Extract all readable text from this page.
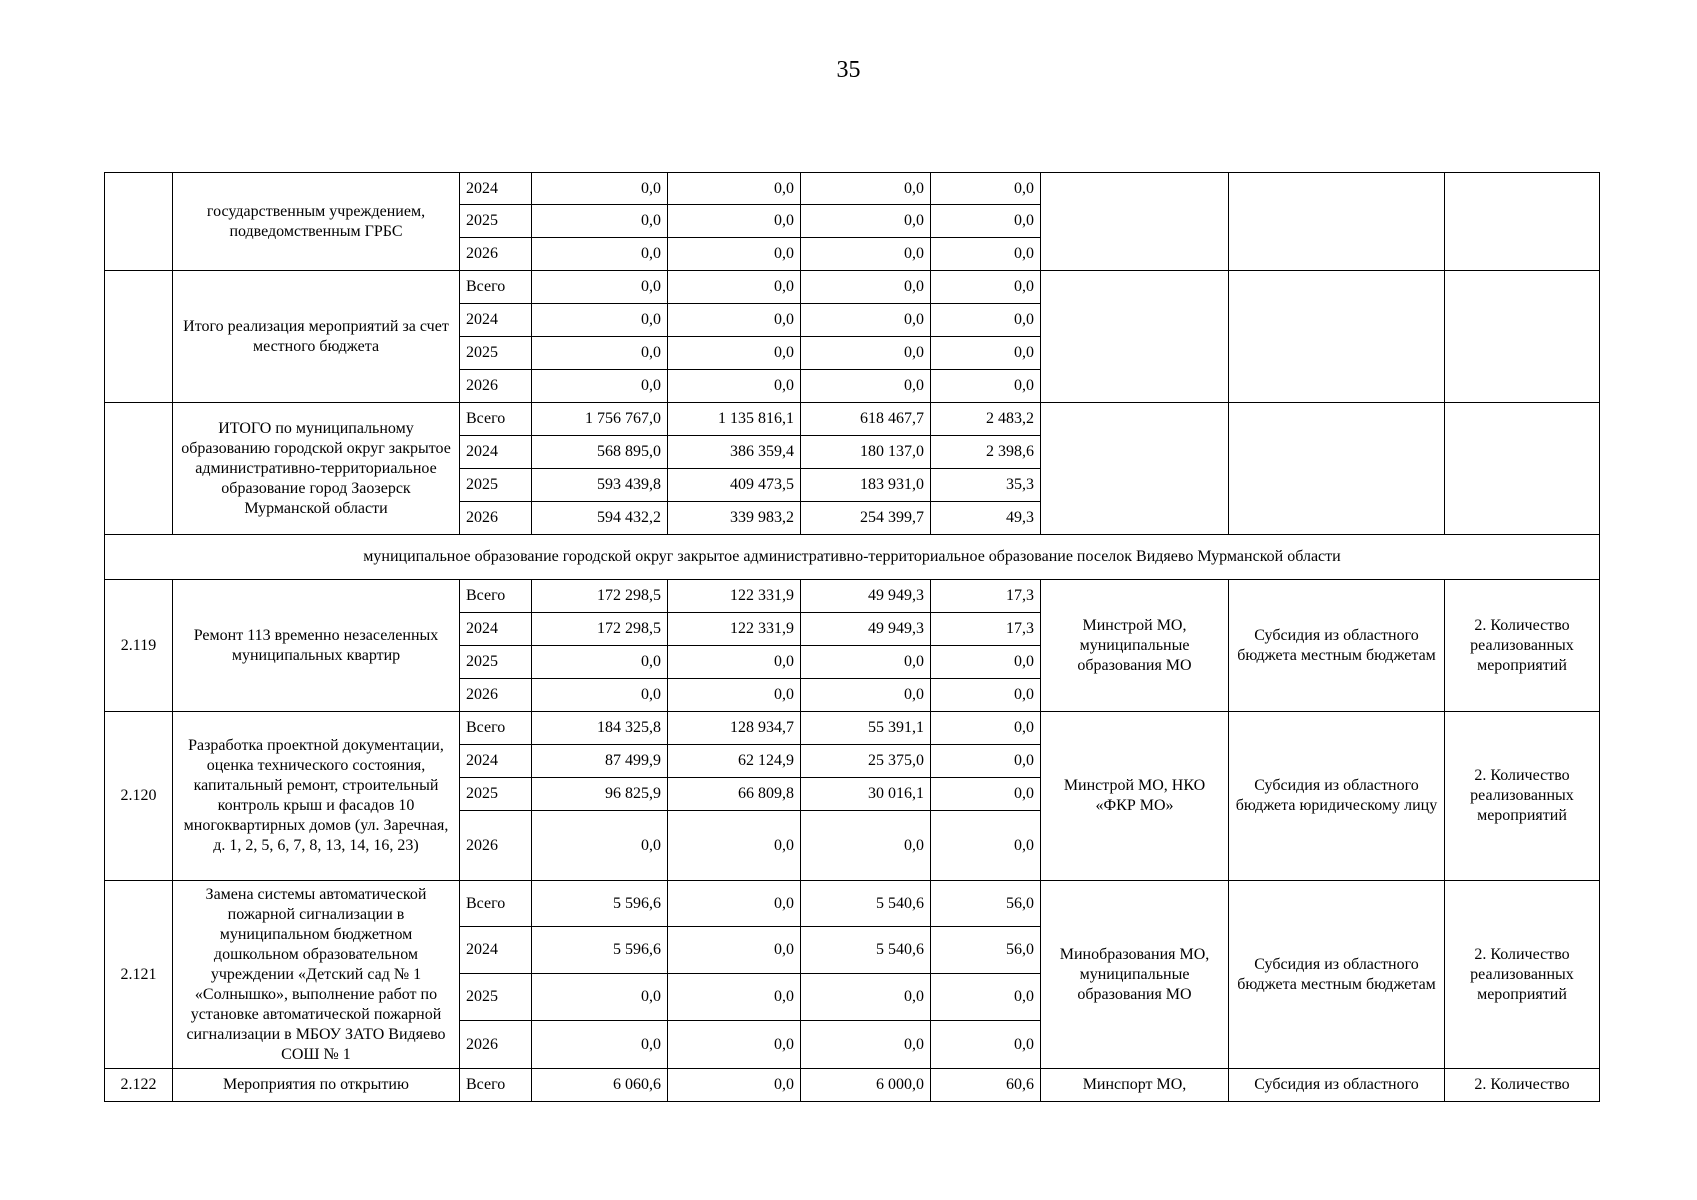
35
	государственным учреждением, подведомственным ГРБС	2024	0,0	0,0	0,0	0,0			
		2025	0,0	0,0	0,0	0,0			
		2026	0,0	0,0	0,0	0,0			
	Итого реализация мероприятий за счет местного бюджета	Всего	0,0	0,0	0,0	0,0			
		2024	0,0	0,0	0,0	0,0			
		2025	0,0	0,0	0,0	0,0			
		2026	0,0	0,0	0,0	0,0			
	ИТОГО по муниципальному образованию городской округ закрытое административно-территориальное образование город Заозерск Мурманской области	Всего	1 756 767,0	1 135 816,1	618 467,7	2 483,2			
		2024	568 895,0	386 359,4	180 137,0	2 398,6			
		2025	593 439,8	409 473,5	183 931,0	35,3			
		2026	594 432,2	339 983,2	254 399,7	49,3			
муниципальное образование городской округ закрытое административно-территориальное образование поселок Видяево Мурманской области									
2.119	Ремонт 113 временно незаселенных муниципальных квартир	Всего	172 298,5	122 331,9	49 949,3	17,3	Минстрой МО, муниципальные образования МО	Субсидия из областного бюджета местным бюджетам	2. Количество реализованных мероприятий
		2024	172 298,5	122 331,9	49 949,3	17,3			
		2025	0,0	0,0	0,0	0,0			
		2026	0,0	0,0	0,0	0,0			
2.120	Разработка проектной документации, оценка технического состояния, капитальный ремонт, строительный контроль крыш и фасадов 10 многоквартирных домов (ул. Заречная, д. 1, 2, 5, 6, 7, 8, 13, 14, 16, 23)	Всего	184 325,8	128 934,7	55 391,1	0,0	Минстрой МО, НКО «ФКР МО»	Субсидия из областного бюджета юридическому лицу	2. Количество реализованных мероприятий
		2024	87 499,9	62 124,9	25 375,0	0,0			
		2025	96 825,9	66 809,8	30 016,1	0,0			
		2026	0,0	0,0	0,0	0,0			
2.121	Замена системы автоматической пожарной сигнализации в муниципальном бюджетном дошкольном образовательном учреждении «Детский сад № 1 «Солнышко», выполнение работ по установке автоматической пожарной сигнализации в МБОУ ЗАТО Видяево СОШ № 1	Всего	5 596,6	0,0	5 540,6	56,0	Минобразования МО, муниципальные образования МО	Субсидия из областного бюджета местным бюджетам	2. Количество реализованных мероприятий
		2024	5 596,6	0,0	5 540,6	56,0			
		2025	0,0	0,0	0,0	0,0			
		2026	0,0	0,0	0,0	0,0			
2.122	Мероприятия по открытию	Всего	6 060,6	0,0	6 000,0	60,6	Минспорт МО,	Субсидия из областного	2. Количество
